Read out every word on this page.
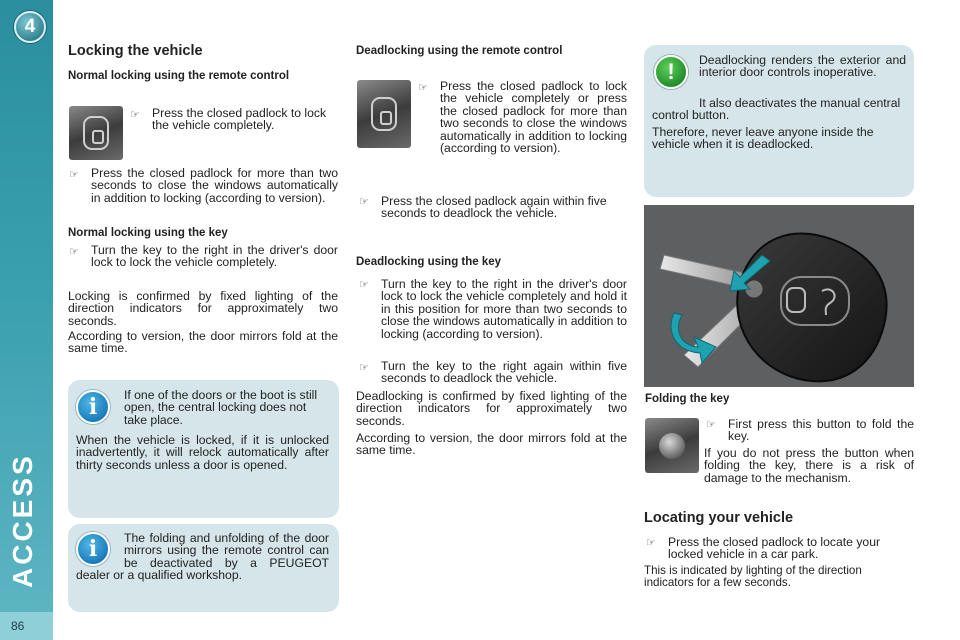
4
ACCESS
86
Locking the vehicle
Normal locking using the remote control
☞ Press the closed padlock to lock the vehicle completely.
☞ Press the closed padlock for more than two seconds to close the windows automatically in addition to locking (according to version).
Normal locking using the key
☞ Turn the key to the right in the driver's door lock to lock the vehicle completely.
Locking is confirmed by fixed lighting of the direction indicators for approximately two seconds.
According to version, the door mirrors fold at the same time.
i	If one of the doors or the boot is still open, the central locking does not take place.
When the vehicle is locked, if it is unlocked inadvertently, it will relock automatically after thirty seconds unless a door is opened.
i	The folding and unfolding of the door mirrors using the remote control can be deactivated by a PEUGEOT dealer or a qualified workshop.
Deadlocking using the remote control
☞ Press the closed padlock to lock the vehicle completely or press the closed padlock for more than two seconds to close the windows automatically in addition to locking (according to version).
☞ Press the closed padlock again within five seconds to deadlock the vehicle.
Deadlocking using the key
☞ Turn the key to the right in the driver's door lock to lock the vehicle completely and hold it in this position for more than two seconds to close the windows automatically in addition to locking (according to version).
☞ Turn the key to the right again within five seconds to deadlock the vehicle.
Deadlocking is confirmed by fixed lighting of the direction indicators for approximately two seconds.
According to version, the door mirrors fold at the same time.
!	Deadlocking renders the exterior and interior door controls inoperative.
It also deactivates the manual central control button.
Therefore, never leave anyone inside the vehicle when it is deadlocked.
Folding the key
☞ First press this button to fold the key.
If you do not press the button when folding the key, there is a risk of damage to the mechanism.
Locating your vehicle
☞ Press the closed padlock to locate your locked vehicle in a car park.
This is indicated by lighting of the direction indicators for a few seconds.
